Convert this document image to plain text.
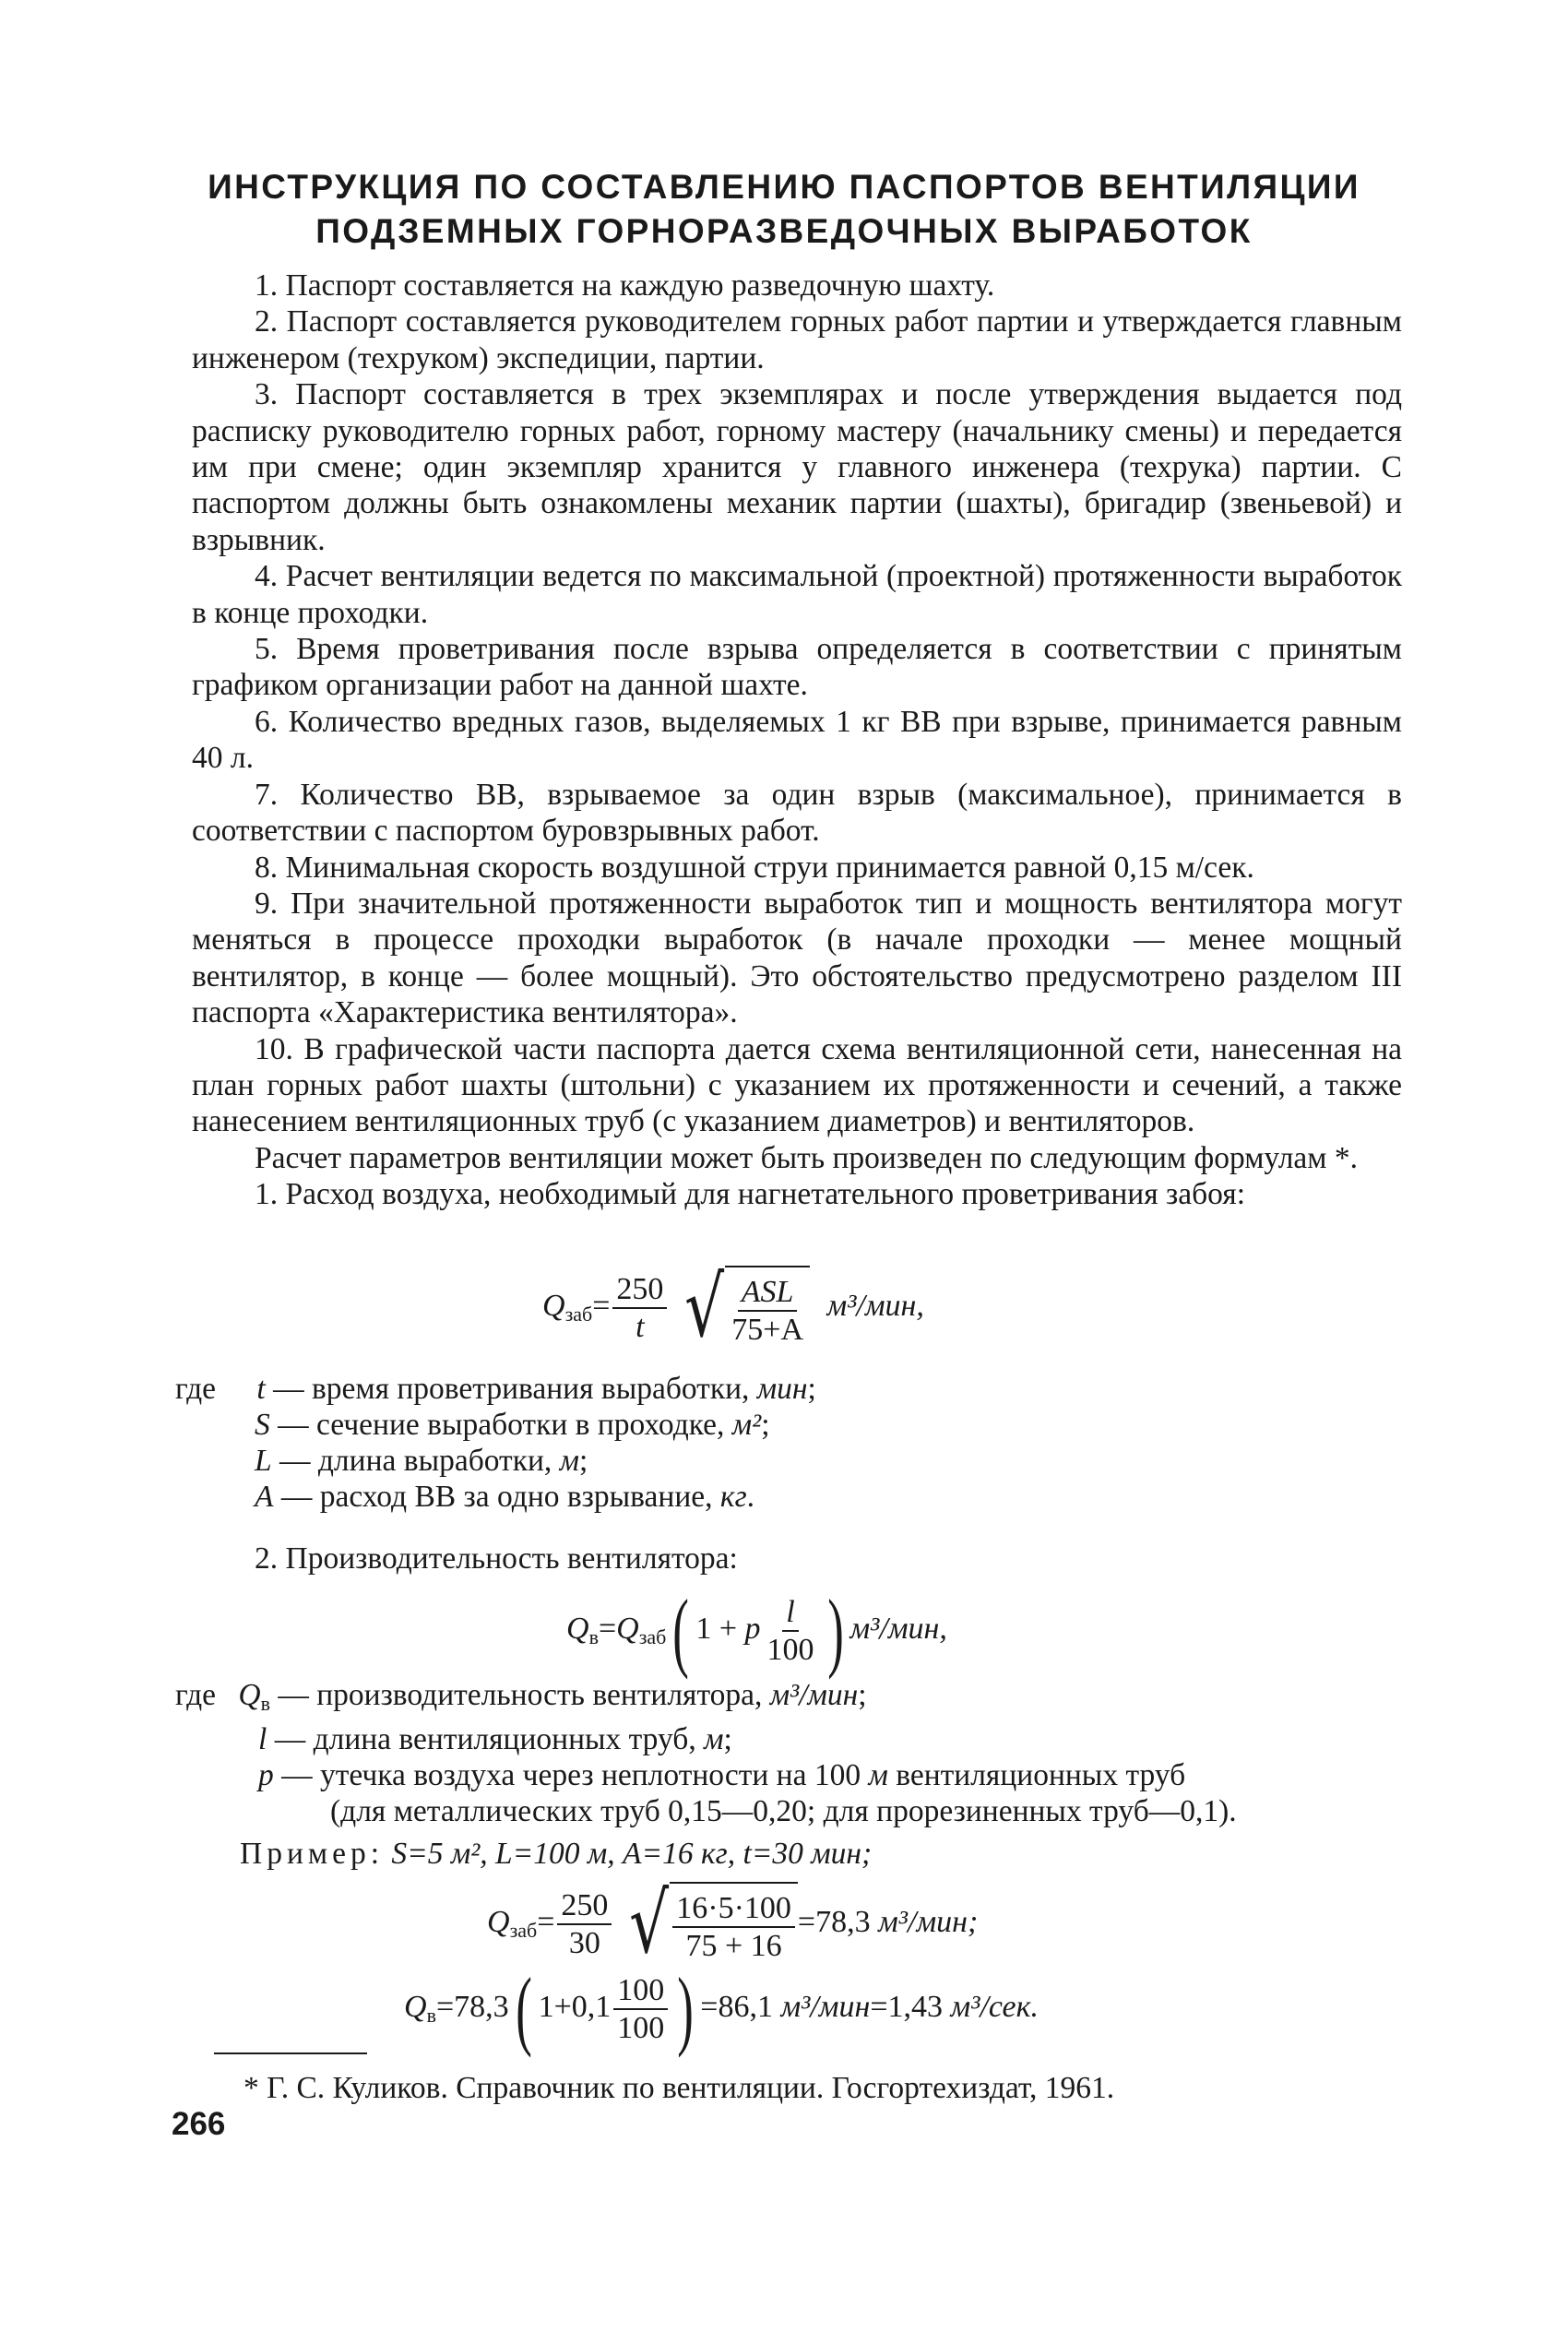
ИНСТРУКЦИЯ ПО СОСТАВЛЕНИЮ ПАСПОРТОВ ВЕНТИЛЯЦИИ
ПОДЗЕМНЫХ ГОРНОРАЗВЕДОЧНЫХ ВЫРАБОТОК

1. Паспорт составляется на каждую разведочную шахту.

2. Паспорт составляется руководителем горных работ партии и утверждается главным инженером (техруком) экспедиции, партии.

3. Паспорт составляется в трех экземплярах и после утверждения выдается под расписку руководителю горных работ, горному мастеру (начальнику смены) и передается им при смене; один экземпляр хранится у главного инженера (техрука) партии. С паспортом должны быть ознакомлены механик партии (шахты), бригадир (звеньевой) и взрывник.

4. Расчет вентиляции ведется по максимальной (проектной) протяженности выработок в конце проходки.

5. Время проветривания после взрыва определяется в соответствии с принятым графиком организации работ на данной шахте.

6. Количество вредных газов, выделяемых 1 кг ВВ при взрыве, принимается равным 40 л.

7. Количество ВВ, взрываемое за один взрыв (максимальное), принимается в соответствии с паспортом буровзрывных работ.

8. Минимальная скорость воздушной струи принимается равной 0,15 м/сек.

9. При значительной протяженности выработок тип и мощность вентилятора могут меняться в процессе проходки выработок (в начале проходки — менее мощный вентилятор, в конце — более мощный). Это обстоятельство предусмотрено разделом III паспорта «Характеристика вентилятора».

10. В графической части паспорта дается схема вентиляционной сети, нанесенная на план горных работ шахты (штольни) с указанием их протяженности и сечений, а также нанесением вентиляционных труб (с указанием диаметров) и вентиляторов.

Расчет параметров вентиляции может быть произведен по следующим формулам *.

1. Расход воздуха, необходимый для нагнетательного проветривания забоя:

$Q_{заб}= \frac{250}{t}$
√ $\frac{\text{ASL}}{75+A} м^3/мин$,
где t — время проветривания выработки, мин;
S — сечение выработки в проходке, м²;
L — длина выработки, м;
A — расход ВВ за одно взрывание, кг.
2. Производительность вентилятора:
$Q_в=Q_{заб}$( 1 + p $\frac{l}{100}$ ) м³/мин,
где $Q_в$ — производительность вентилятора, м³/мин;
l — длина вентиляционных труб, м;
p — утечка воздуха через неплотности на 100 м вентиляционных труб
(для металлических труб 0,15—0,20; для прорезиненных труб—0,1).
Пример: S=5 м², L=100 м, A=16 кг, t=30 мин;
$Q_{заб}= \frac{250}{30}$
√ $\frac{16\cdot 5\cdot 100}{75 + 16} =78,3$ м³/мин;
$Q_в=78,3$( $1+0,1 \frac{100}{100}$ ) =86,1 м³/мин=1,43 м³/сек.
* Г. С. Куликов. Справочник по вентиляции. Госгортехиздат, 1961.
266
